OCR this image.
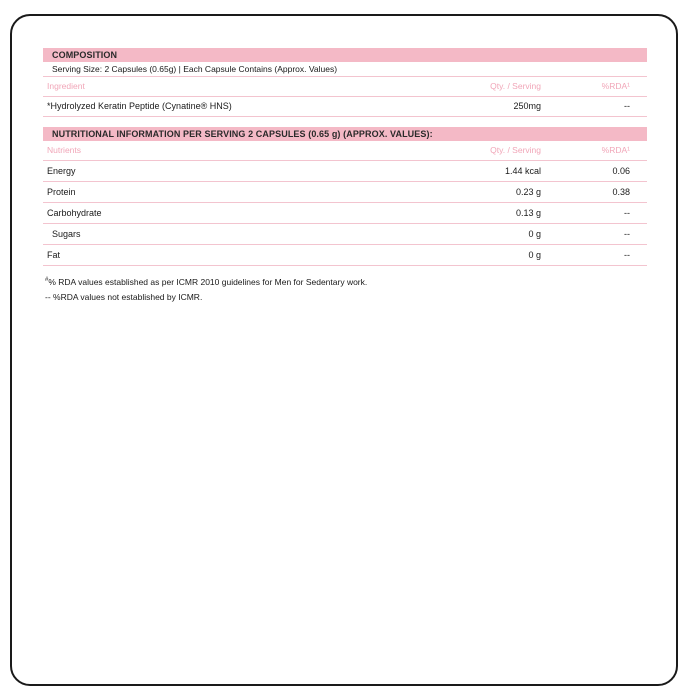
COMPOSITION
Serving Size: 2 Capsules (0.65g) | Each Capsule Contains (Approx. Values)
Ingredient	Qty. / Serving	%RDA¹
*Hydrolyzed Keratin Peptide (Cynatine® HNS)	250mg	--
NUTRITIONAL INFORMATION PER SERVING 2 CAPSULES (0.65 g) (APPROX. VALUES):
Nutrients	Qty. / Serving	%RDA¹
Energy	1.44 kcal	0.06
Protein	0.23 g	0.38
Carbohydrate	0.13 g	--
Sugars	0 g	--
Fat	0 g	--
#% RDA values established as per ICMR 2010 guidelines for Men for Sedentary work.
-- %RDA values not established by ICMR.
